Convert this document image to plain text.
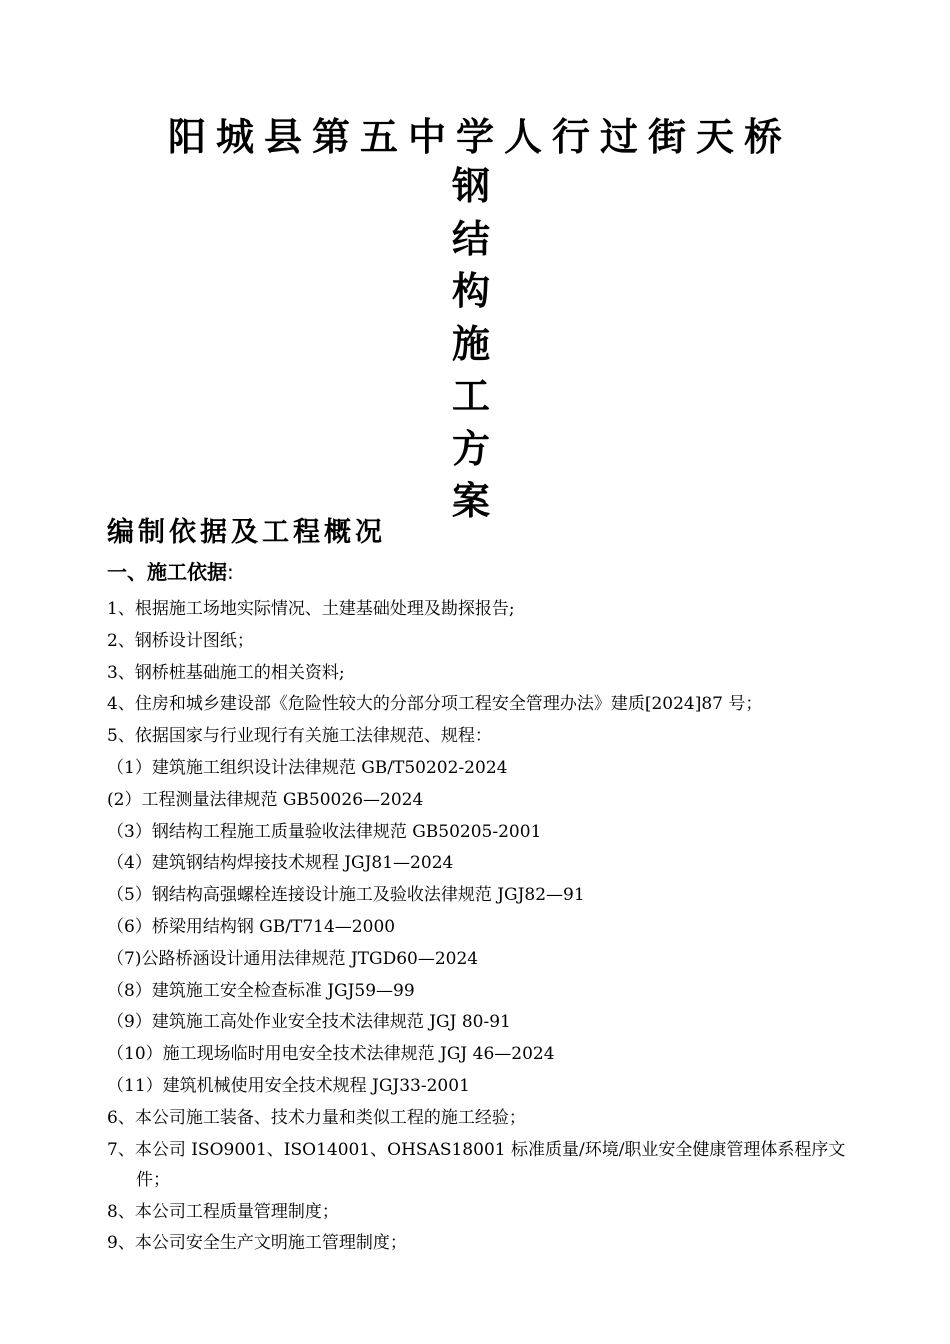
阳城县第五中学人行过街天桥
钢
结
构
施
工
方
案
编制依据及工程概况
一、施工依据:
1、根据施工场地实际情况、土建基础处理及勘探报告;
2、钢桥设计图纸；
3、钢桥桩基础施工的相关资料;
4、住房和城乡建设部《危险性较大的分部分项工程安全管理办法》建质[2024]87 号；
5、依据国家与行业现行有关施工法律规范、规程：
（1）建筑施工组织设计法律规范 GB/T50202-2024
(2）工程测量法律规范 GB50026—2024
（3）钢结构工程施工质量验收法律规范 GB50205-2001
（4）建筑钢结构焊接技术规程 JGJ81—2024
（5）钢结构高强螺栓连接设计施工及验收法律规范 JGJ82—91
（6）桥梁用结构钢 GB/T714—2000
（7)公路桥涵设计通用法律规范 JTGD60—2024
（8）建筑施工安全检查标准 JGJ59—99
（9）建筑施工高处作业安全技术法律规范 JGJ 80-91
（10）施工现场临时用电安全技术法律规范 JGJ 46—2024
（11）建筑机械使用安全技术规程 JGJ33-2001
6、本公司施工装备、技术力量和类似工程的施工经验；
7、本公司 ISO9001、ISO14001、OHSAS18001 标准质量/环境/职业安全健康管理体系程序文件；
8、本公司工程质量管理制度；
9、本公司安全生产文明施工管理制度；
